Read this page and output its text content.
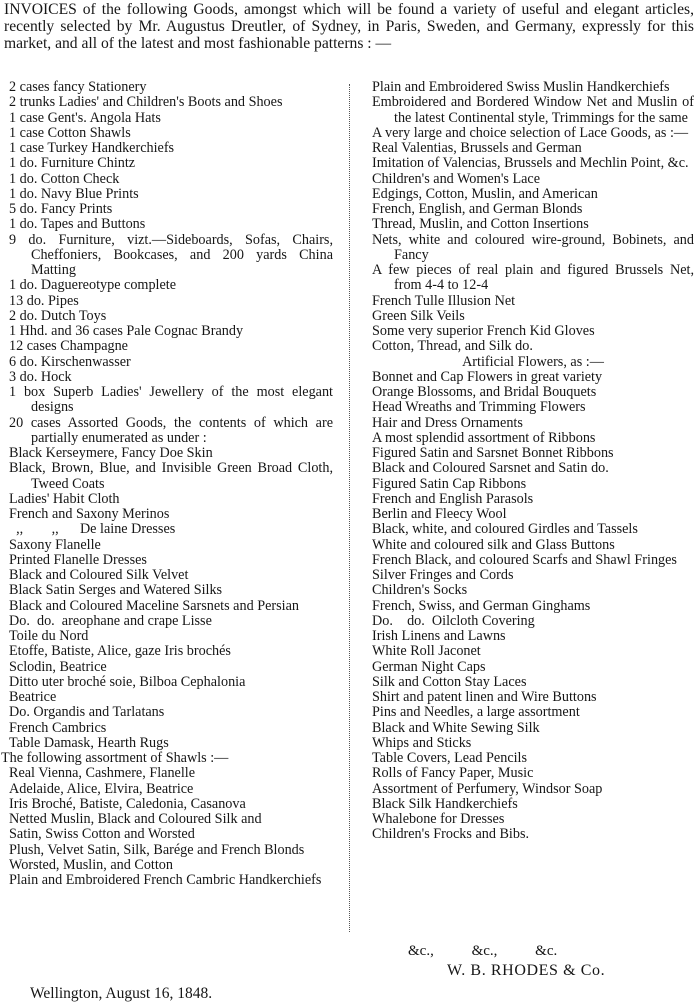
INVOICES of the following Goods, amongst which will be found a variety of useful and elegant articles, recently selected by Mr. Augustus Dreutler, of Sydney, in Paris, Sweden, and Germany, expressly for this market, and all of the latest and most fashionable patterns : —

2 cases fancy Stationery

2 trunks Ladies' and Children's Boots and Shoes

1 case Gent's. Angola Hats

1 case Cotton Shawls

1 case Turkey Handkerchiefs

1 do. Furniture Chintz

1 do. Cotton Check

1 do. Navy Blue Prints

5 do. Fancy Prints

1 do. Tapes and Buttons

9 do. Furniture, vizt.—Sideboards, Sofas, Chairs, Cheffoniers, Bookcases, and 200 yards China Matting

1 do. Daguereotype complete

13 do. Pipes

2 do. Dutch Toys

1 Hhd. and 36 cases Pale Cognac Brandy

12 cases Champagne

6 do. Kirschenwasser

3 do. Hock

1 box Superb Ladies' Jewellery of the most elegant designs

20 cases Assorted Goods, the contents of which are partially enumerated as under :

Black Kerseymere, Fancy Doe Skin

Black, Brown, Blue, and Invisible Green Broad Cloth, Tweed Coats

Ladies' Habit Cloth

French and Saxony Merinos

,,        ,,      De laine Dresses

Saxony Flanelle

Printed Flanelle Dresses

Black and Coloured Silk Velvet

Black Satin Serges and Watered Silks

Black and Coloured Maceline Sarsnets and Persian

Do.  do.  areophane and crape Lisse

Toile du Nord

Etoffe, Batiste, Alice, gaze Iris brochés

Sclodin, Beatrice

Ditto uter broché soie, Bilboa Cephalonia

Beatrice

Do. Organdis and Tarlatans

French Cambrics

Table Damask, Hearth Rugs

The following assortment of Shawls :—

Real Vienna, Cashmere, Flanelle

Adelaide, Alice, Elvira, Beatrice

Iris Broché, Batiste, Caledonia, Casanova

Netted Muslin, Black and Coloured Silk and

Satin, Swiss Cotton and Worsted

Plush, Velvet Satin, Silk, Barége and French Blonds

Worsted, Muslin, and Cotton

Plain and Embroidered French Cambric Handkerchiefs

Plain and Embroidered Swiss Muslin Handkerchiefs

Embroidered and Bordered Window Net and Muslin of the latest Continental style, Trimmings for the same

A very large and choice selection of Lace Goods, as :—

Real Valentias, Brussels and German

Imitation of Valencias, Brussels and Mechlin Point, &c.

Children's and Women's Lace

Edgings, Cotton, Muslin, and American

French, English, and German Blonds

Thread, Muslin, and Cotton Insertions

Nets, white and coloured wire-ground, Bobinets, and Fancy

A few pieces of real plain and figured Brussels Net, from 4-4 to 12-4

French Tulle Illusion Net

Green Silk Veils

Some very superior French Kid Gloves

Cotton, Thread, and Silk do.

Artificial Flowers, as :—

Bonnet and Cap Flowers in great variety

Orange Blossoms, and Bridal Bouquets

Head Wreaths and Trimming Flowers

Hair and Dress Ornaments

A most splendid assortment of Ribbons

Figured Satin and Sarsnet Bonnet Ribbons

Black and Coloured Sarsnet and Satin do.

Figured Satin Cap Ribbons

French and English Parasols

Berlin and Fleecy Wool

Black, white, and coloured Girdles and Tassels

White and coloured silk and Glass Buttons

French Black, and coloured Scarfs and Shawl Fringes

Silver Fringes and Cords

Children's Socks

French, Swiss, and German Ginghams

Do.    do.  Oilcloth Covering

Irish Linens and Lawns

White Roll Jaconet

German Night Caps

Silk and Cotton Stay Laces

Shirt and patent linen and Wire Buttons

Pins and Needles, a large assortment

Black and White Sewing Silk

Whips and Sticks

Table Covers, Lead Pencils

Rolls of Fancy Paper, Music

Assortment of Perfumery, Windsor Soap

Black Silk Handkerchiefs

Whalebone for Dresses

Children's Frocks and Bibs.

&c., &c., &c.
W. B. RHODES & Co.
Wellington, August 16, 1848.
